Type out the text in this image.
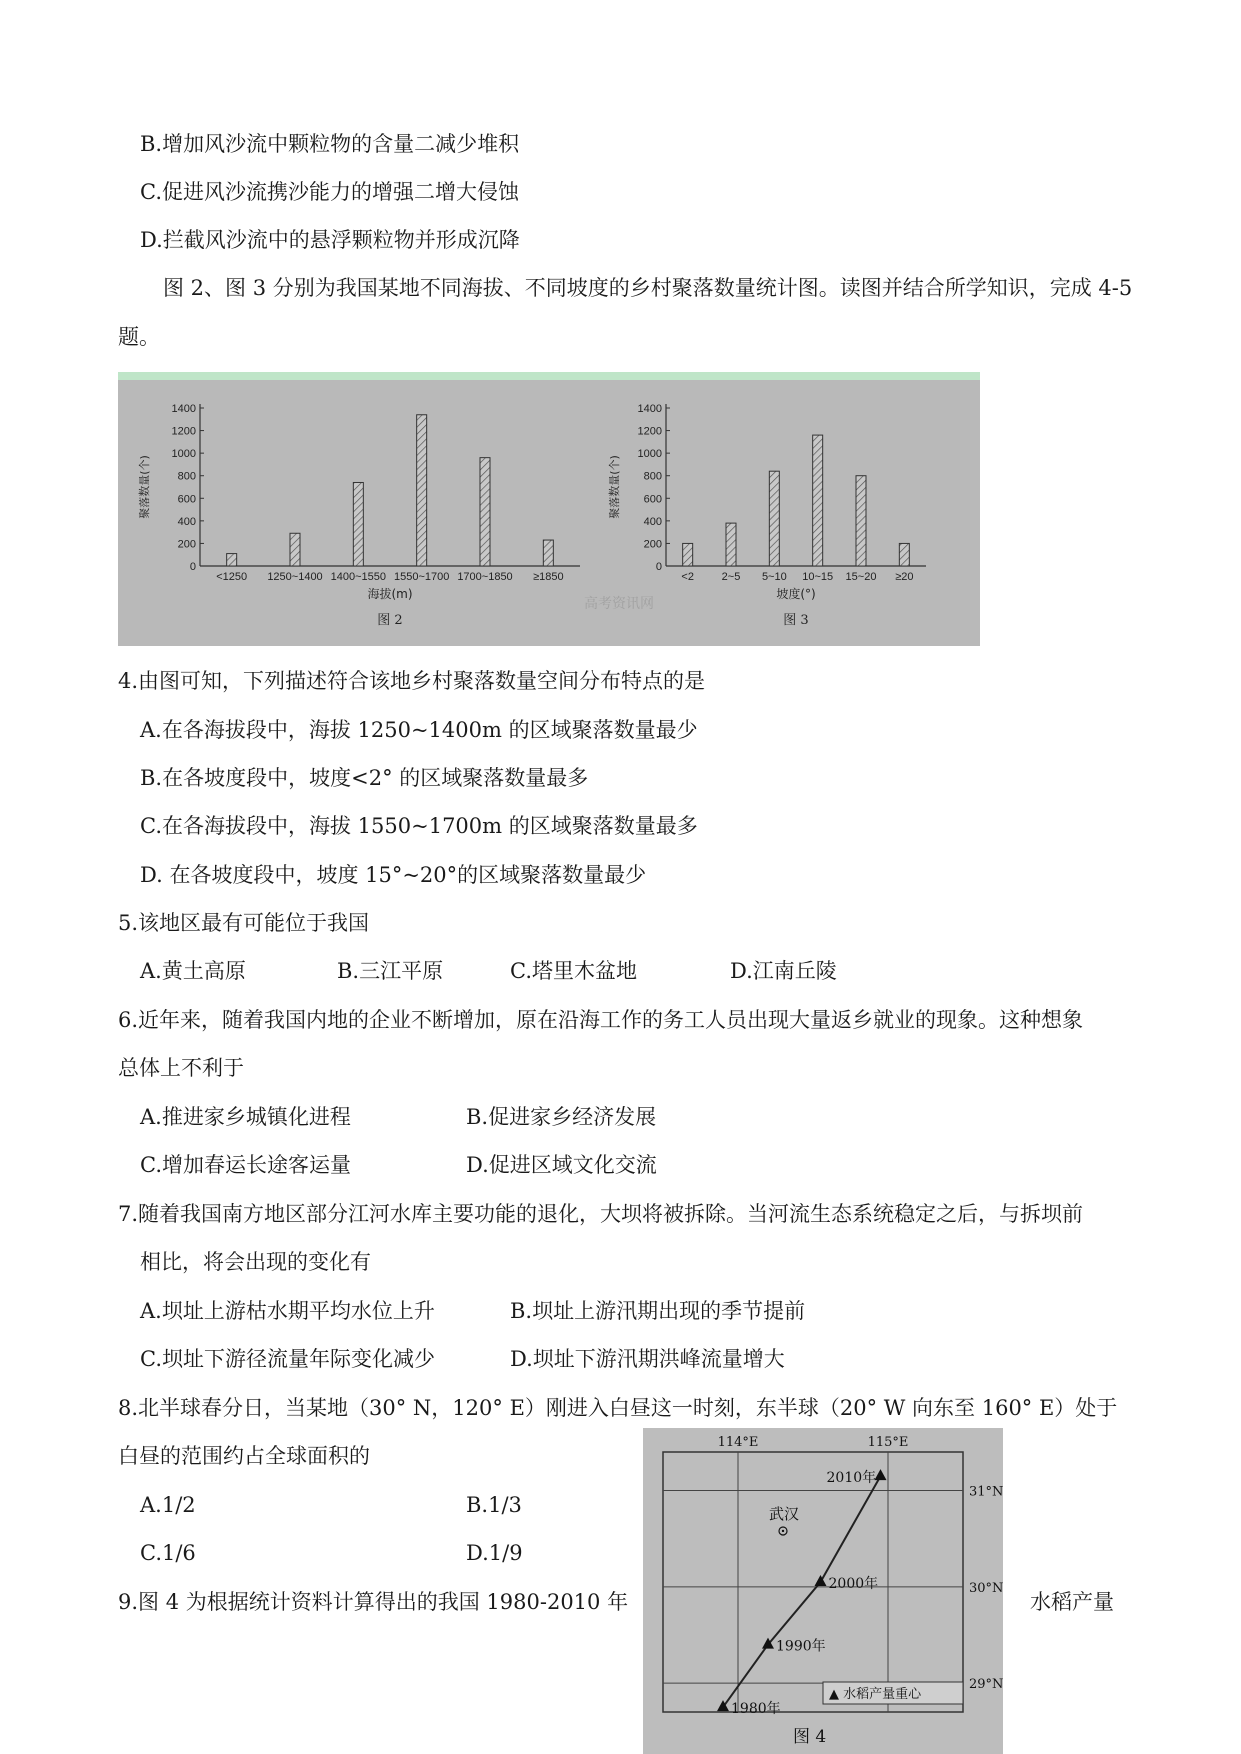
B.增加风沙流中颗粒物的含量二减少堆积
C.促进风沙流携沙能力的增强二增大侵蚀
D.拦截风沙流中的悬浮颗粒物并形成沉降
图 2、图 3 分别为我国某地不同海拔、不同坡度的乡村聚落数量统计图。读图并结合所学知识，完成 4-5
题。
0
200
400
600
800
1000
1200
1400
<1250 1250~1400 1400~1550 1550~1700 1700~1850 ≥1850
聚落数量(个)
海拔(m)
图 2
0
200
400
600
800
1000
1200
1400
<2	2~5 5~10 10~15 15~20 ≥20
聚落数量(个)
坡度(°)
图 3
高考资讯网
4.由图可知，下列描述符合该地乡村聚落数量空间分布特点的是
A.在各海拔段中，海拔 1250~1400m 的区域聚落数量最少
B.在各坡度段中，坡度<2° 的区域聚落数量最多
C.在各海拔段中，海拔 1550~1700m 的区域聚落数量最多
D. 在各坡度段中，坡度 15°~20°的区域聚落数量最少
5.该地区最有可能位于我国
A.黄土高原	B.三江平原	C.塔里木盆地	D.江南丘陵
6.近年来，随着我国内地的企业不断增加，原在沿海工作的务工人员出现大量返乡就业的现象。这种想象
总体上不利于
A.推进家乡城镇化进程	B.促进家乡经济发展
C.增加春运长途客运量	D.促进区域文化交流
7.随着我国南方地区部分江河水库主要功能的退化，大坝将被拆除。当河流生态系统稳定之后，与拆坝前
相比，将会出现的变化有
A.坝址上游枯水期平均水位上升	B.坝址上游汛期出现的季节提前
C.坝址下游径流量年际变化减少	D.坝址下游汛期洪峰流量增大
8.北半球春分日，当某地（30° N，120° E）刚进入白昼这一时刻，东半球（20° W 向东至 160° E）处于
白昼的范围约占全球面积的
A.1/2	B.1/3
C.1/6	D.1/9
9.图 4 为根据统计资料计算得出的我国 1980-2010 年	水稻产量
114°E	115°E
31°N
30°N
29°N
1980年
1990年
2000年
2010年
武汉
▲ 水稻产量重心
图 4
